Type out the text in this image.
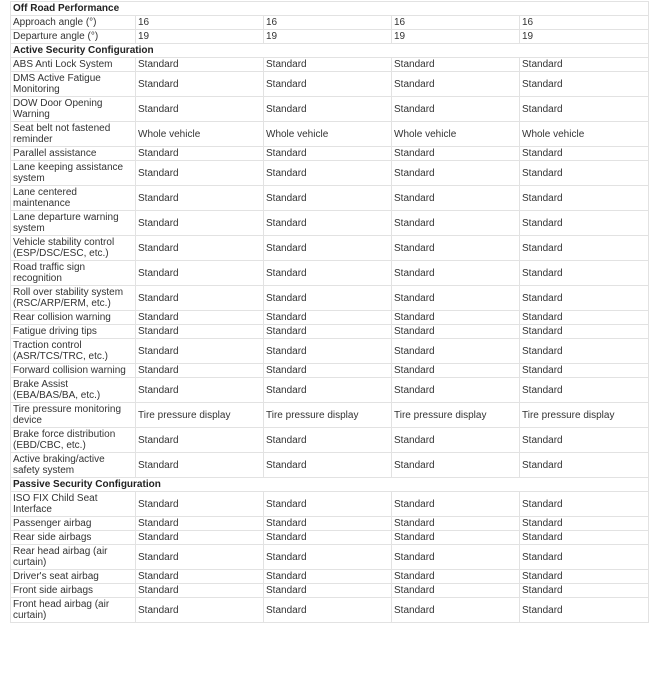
Off Road Performance				
Approach angle (°)	16	16	16	16
Departure angle (°)	19	19	19	19
Active Security Configuration				
ABS Anti Lock System	Standard	Standard	Standard	Standard
DMS Active Fatigue Monitoring	Standard	Standard	Standard	Standard
DOW Door Opening Warning	Standard	Standard	Standard	Standard
Seat belt not fastened reminder	Whole vehicle	Whole vehicle	Whole vehicle	Whole vehicle
Parallel assistance	Standard	Standard	Standard	Standard
Lane keeping assistance system	Standard	Standard	Standard	Standard
Lane centered maintenance	Standard	Standard	Standard	Standard
Lane departure warning system	Standard	Standard	Standard	Standard
Vehicle stability control (ESP/DSC/ESC, etc.)	Standard	Standard	Standard	Standard
Road traffic sign recognition	Standard	Standard	Standard	Standard
Roll over stability system (RSC/ARP/ERM, etc.)	Standard	Standard	Standard	Standard
Rear collision warning	Standard	Standard	Standard	Standard
Fatigue driving tips	Standard	Standard	Standard	Standard
Traction control (ASR/TCS/TRC, etc.)	Standard	Standard	Standard	Standard
Forward collision warning	Standard	Standard	Standard	Standard
Brake Assist (EBA/BAS/BA, etc.)	Standard	Standard	Standard	Standard
Tire pressure monitoring device	Tire pressure display	Tire pressure display	Tire pressure display	Tire pressure display
Brake force distribution (EBD/CBC, etc.)	Standard	Standard	Standard	Standard
Active braking/active safety system	Standard	Standard	Standard	Standard
Passive Security Configuration				
ISO FIX Child Seat Interface	Standard	Standard	Standard	Standard
Passenger airbag	Standard	Standard	Standard	Standard
Rear side airbags	Standard	Standard	Standard	Standard
Rear head airbag (air curtain)	Standard	Standard	Standard	Standard
Driver's seat airbag	Standard	Standard	Standard	Standard
Front side airbags	Standard	Standard	Standard	Standard
Front head airbag (air curtain)	Standard	Standard	Standard	Standard
